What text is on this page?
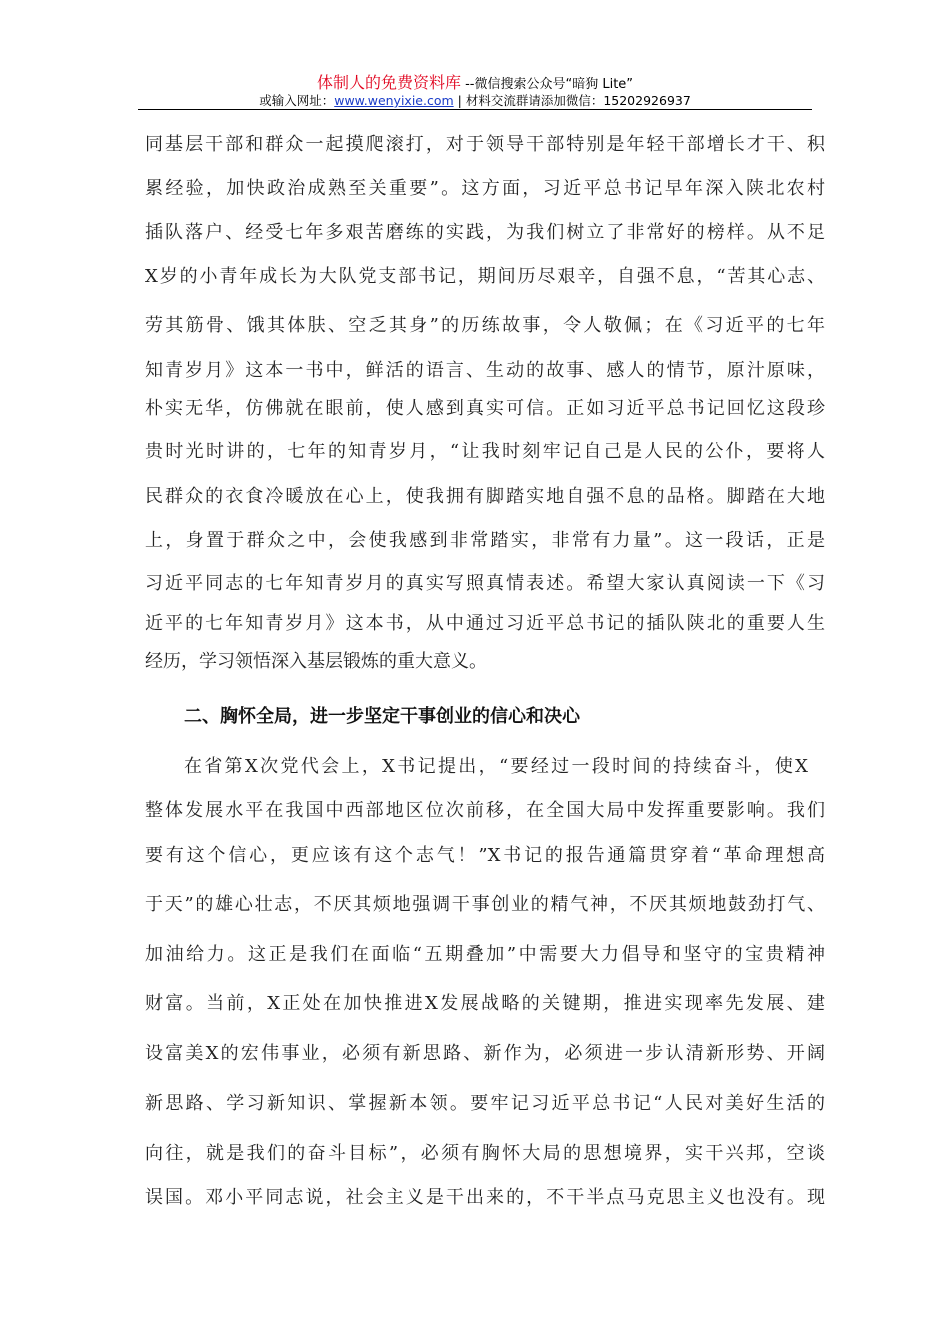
体制人的免费资料库 --微信搜索公众号“暗狗 Lite”
或输入网址：www.wenyixie.com | 材料交流群请添加微信：15202926937
同基层干部和群众一起摸爬滚打，对于领导干部特别是年轻干部增长才干、积
累经验，加快政治成熟至关重要”。这方面，习近平总书记早年深入陕北农村
插队落户、经受七年多艰苦磨练的实践，为我们树立了非常好的榜样。从不足
X岁的小青年成长为大队党支部书记，期间历尽艰辛，自强不息，“苦其心志、
劳其筋骨、饿其体肤、空乏其身”的历练故事，令人敬佩；在《习近平的七年
知青岁月》这本一书中，鲜活的语言、生动的故事、感人的情节，原汁原味，
朴实无华，仿佛就在眼前，使人感到真实可信。正如习近平总书记回忆这段珍
贵时光时讲的，七年的知青岁月，“让我时刻牢记自己是人民的公仆，要将人
民群众的衣食冷暖放在心上，使我拥有脚踏实地自强不息的品格。脚踏在大地
上，身置于群众之中，会使我感到非常踏实，非常有力量”。这一段话，正是
习近平同志的七年知青岁月的真实写照真情表述。希望大家认真阅读一下《习
近平的七年知青岁月》这本书，从中通过习近平总书记的插队陕北的重要人生
经历，学习领悟深入基层锻炼的重大意义。
二、胸怀全局，进一步坚定干事创业的信心和决心
在省第X次党代会上，X书记提出，“要经过一段时间的持续奋斗，使X
整体发展水平在我国中西部地区位次前移，在全国大局中发挥重要影响。我们
要有这个信心，更应该有这个志气！”X书记的报告通篇贯穿着“革命理想高
于天”的雄心壮志，不厌其烦地强调干事创业的精气神，不厌其烦地鼓劲打气、
加油给力。这正是我们在面临“五期叠加”中需要大力倡导和坚守的宝贵精神
财富。当前，X正处在加快推进X发展战略的关键期，推进实现率先发展、建
设富美X的宏伟事业，必须有新思路、新作为，必须进一步认清新形势、开阔
新思路、学习新知识、掌握新本领。要牢记习近平总书记“人民对美好生活的
向往，就是我们的奋斗目标”，必须有胸怀大局的思想境界，实干兴邦，空谈
误国。邓小平同志说，社会主义是干出来的，不干半点马克思主义也没有。现
